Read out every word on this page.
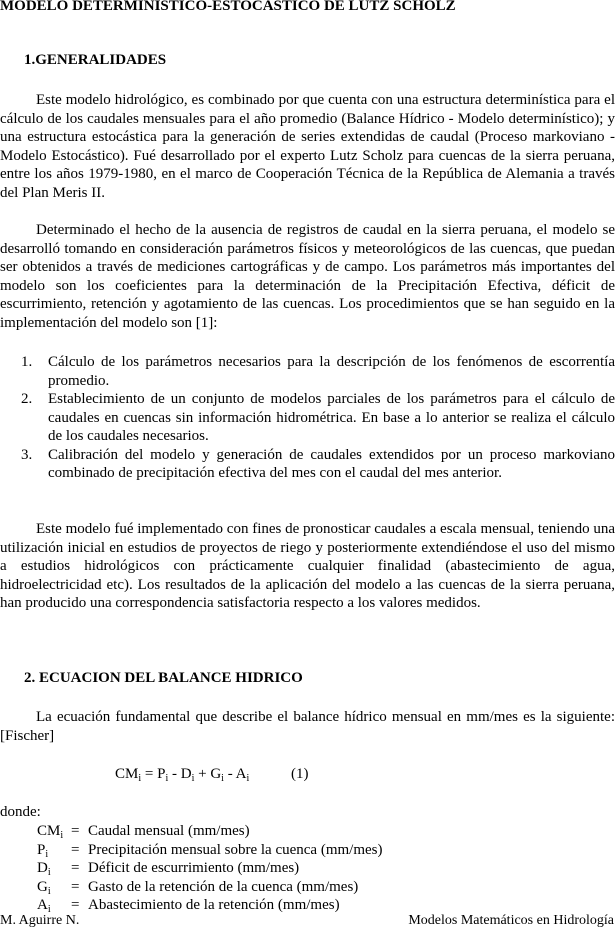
MODELO DETERMINISTICO-ESTOCASTICO DE LUTZ SCHOLZ
1.GENERALIDADES

Este modelo hidrológico, es combinado por que cuenta con una estructura determinística para el cálculo de los caudales mensuales para el año promedio (Balance Hídrico - Modelo determinístico); y una estructura estocástica para la generación de series extendidas de caudal (Proceso markoviano - Modelo Estocástico). Fué desarrollado por el experto Lutz Scholz para cuencas de la sierra peruana, entre los años 1979-1980, en el marco de Cooperación Técnica de la República de Alemania a través del Plan Meris II.

Determinado el hecho de la ausencia de registros de caudal en la sierra peruana, el modelo se desarrolló tomando en consideración parámetros físicos y meteorológicos de las cuencas, que puedan ser obtenidos a través de mediciones cartográficas y de campo. Los parámetros más importantes del modelo son los coeficientes para la determinación de la Precipitación Efectiva, déficit de escurrimiento, retención y agotamiento de las cuencas. Los procedimientos que se han seguido en la implementación del modelo son [1]:

1. Cálculo de los parámetros necesarios para la descripción de los fenómenos de escorrentía promedio.
2. Establecimiento de un conjunto de modelos parciales de los parámetros para el cálculo de caudales en cuencas sin información hidrométrica. En base a lo anterior se realiza el cálculo de los caudales necesarios.
3. Calibración del modelo y generación de caudales extendidos por un proceso markoviano combinado de precipitación efectiva del mes con el caudal del mes anterior.

Este modelo fué implementado con fines de pronosticar caudales a escala mensual, teniendo una utilización inicial en estudios de proyectos de riego y posteriormente extendiéndose el uso del mismo a estudios hidrológicos con prácticamente cualquier finalidad (abastecimiento de agua, hidroelectricidad etc). Los resultados de la aplicación del modelo a las cuencas de la sierra peruana, han producido una correspondencia satisfactoria respecto a los valores medidos.

2. ECUACION DEL BALANCE HIDRICO

La ecuación fundamental que describe el balance hídrico mensual en mm/mes es la siguiente: [Fischer]

$CM_i = P_i - D_i + G_i - A_i$	(1)
donde:
$CM_i$ = Caudal mensual (mm/mes)
$P_i$ = Precipitación mensual sobre la cuenca (mm/mes)
$D_i$ = Déficit de escurrimiento (mm/mes)
$G_i$ = Gasto de la retención de la cuenca (mm/mes)
$A_i$ = Abastecimiento de la retención (mm/mes)
M. Aguirre N.	Modelos Matemáticos en Hidrología
